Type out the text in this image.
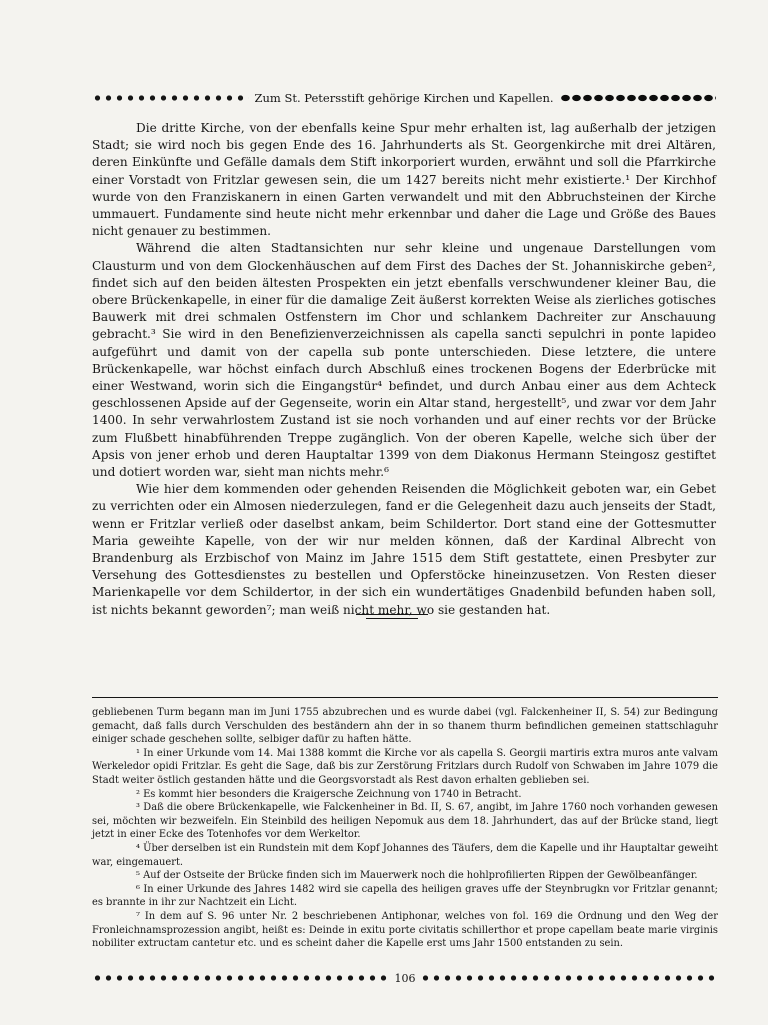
Zum St. Petersstift gehörige Kirchen und Kapellen.

Die dritte Kirche, von der ebenfalls keine Spur mehr erhalten ist, lag außerhalb der jetzigen Stadt; sie wird noch bis gegen Ende des 16. Jahrhunderts als St. Georgenkirche mit drei Altären, deren Einkünfte und Gefälle damals dem Stift inkorporiert wurden, erwähnt und soll die Pfarrkirche einer Vorstadt von Fritzlar gewesen sein, die um 1427 bereits nicht mehr existierte.¹ Der Kirchhof wurde von den Franziskanern in einen Garten verwandelt und mit den Abbruchsteinen der Kirche ummauert. Fundamente sind heute nicht mehr erkennbar und daher die Lage und Größe des Baues nicht genauer zu bestimmen.

Während die alten Stadtansichten nur sehr kleine und ungenaue Darstellungen vom Clausturm und von dem Glockenhäuschen auf dem First des Daches der St. Johanniskirche geben², findet sich auf den beiden ältesten Prospekten ein jetzt ebenfalls verschwundener kleiner Bau, die obere Brückenkapelle, in einer für die damalige Zeit äußerst korrekten Weise als zierliches gotisches Bauwerk mit drei schmalen Ostfenstern im Chor und schlankem Dachreiter zur Anschauung gebracht.³ Sie wird in den Benefizienverzeichnissen als capella sancti sepulchri in ponte lapideo aufgeführt und damit von der capella sub ponte unterschieden. Diese letztere, die untere Brückenkapelle, war höchst einfach durch Abschluß eines trockenen Bogens der Ederbrücke mit einer Westwand, worin sich die Eingangstür⁴ befindet, und durch Anbau einer aus dem Achteck geschlossenen Apside auf der Gegenseite, worin ein Altar stand, hergestellt⁵, und zwar vor dem Jahr 1400. In sehr verwahrlostem Zustand ist sie noch vorhanden und auf einer rechts vor der Brücke zum Flußbett hinabführenden Treppe zugänglich. Von der oberen Kapelle, welche sich über der Apsis von jener erhob und deren Hauptaltar 1399 von dem Diakonus Hermann Steingosz gestiftet und dotiert worden war, sieht man nichts mehr.⁶

Wie hier dem kommenden oder gehenden Reisenden die Möglichkeit geboten war, ein Gebet zu verrichten oder ein Almosen niederzulegen, fand er die Gelegenheit dazu auch jenseits der Stadt, wenn er Fritzlar verließ oder daselbst ankam, beim Schildertor. Dort stand eine der Gottesmutter Maria geweihte Kapelle, von der wir nur melden können, daß der Kardinal Albrecht von Brandenburg als Erzbischof von Mainz im Jahre 1515 dem Stift gestattete, einen Presbyter zur Versehung des Gottesdienstes zu bestellen und Opferstöcke hineinzusetzen. Von Resten dieser Marienkapelle vor dem Schildertor, in der sich ein wundertätiges Gnadenbild befunden haben soll, ist nichts bekannt geworden⁷; man weiß nicht mehr, wo sie gestanden hat.

gebliebenen Turm begann man im Juni 1755 abzubrechen und es wurde dabei (vgl. Falckenheiner II, S. 54) zur Bedingung gemacht, daß falls durch Verschulden des beständern ahn der in so thanem thurm befindlichen gemeinen stattschlaguhr einiger schade geschehen sollte, selbiger dafür zu haften hätte.

¹ In einer Urkunde vom 14. Mai 1388 kommt die Kirche vor als capella S. Georgii martiris extra muros ante valvam Werkeledor opidi Fritzlar. Es geht die Sage, daß bis zur Zerstörung Fritzlars durch Rudolf von Schwaben im Jahre 1079 die Stadt weiter östlich gestanden hätte und die Georgsvorstadt als Rest davon erhalten geblieben sei.

² Es kommt hier besonders die Kraigersche Zeichnung von 1740 in Betracht.

³ Daß die obere Brückenkapelle, wie Falckenheiner in Bd. II, S. 67, angibt, im Jahre 1760 noch vorhanden gewesen sei, möchten wir bezweifeln. Ein Steinbild des heiligen Nepomuk aus dem 18. Jahrhundert, das auf der Brücke stand, liegt jetzt in einer Ecke des Totenhofes vor dem Werkeltor.

⁴ Über derselben ist ein Rundstein mit dem Kopf Johannes des Täufers, dem die Kapelle und ihr Hauptaltar geweiht war, eingemauert.

⁵ Auf der Ostseite der Brücke finden sich im Mauerwerk noch die hohlprofilierten Rippen der Gewölbeanfänger.

⁶ In einer Urkunde des Jahres 1482 wird sie capella des heiligen graves uffe der Steynbrugkn vor Fritzlar genannt; es brannte in ihr zur Nachtzeit ein Licht.

⁷ In dem auf S. 96 unter Nr. 2 beschriebenen Antiphonar, welches von fol. 169 die Ordnung und den Weg der Fronleichnamsprozession angibt, heißt es: Deinde in exitu porte civitatis schillerthor et prope capellam beate marie virginis nobiliter extructam cantetur etc. und es scheint daher die Kapelle erst ums Jahr 1500 entstanden zu sein.

106
